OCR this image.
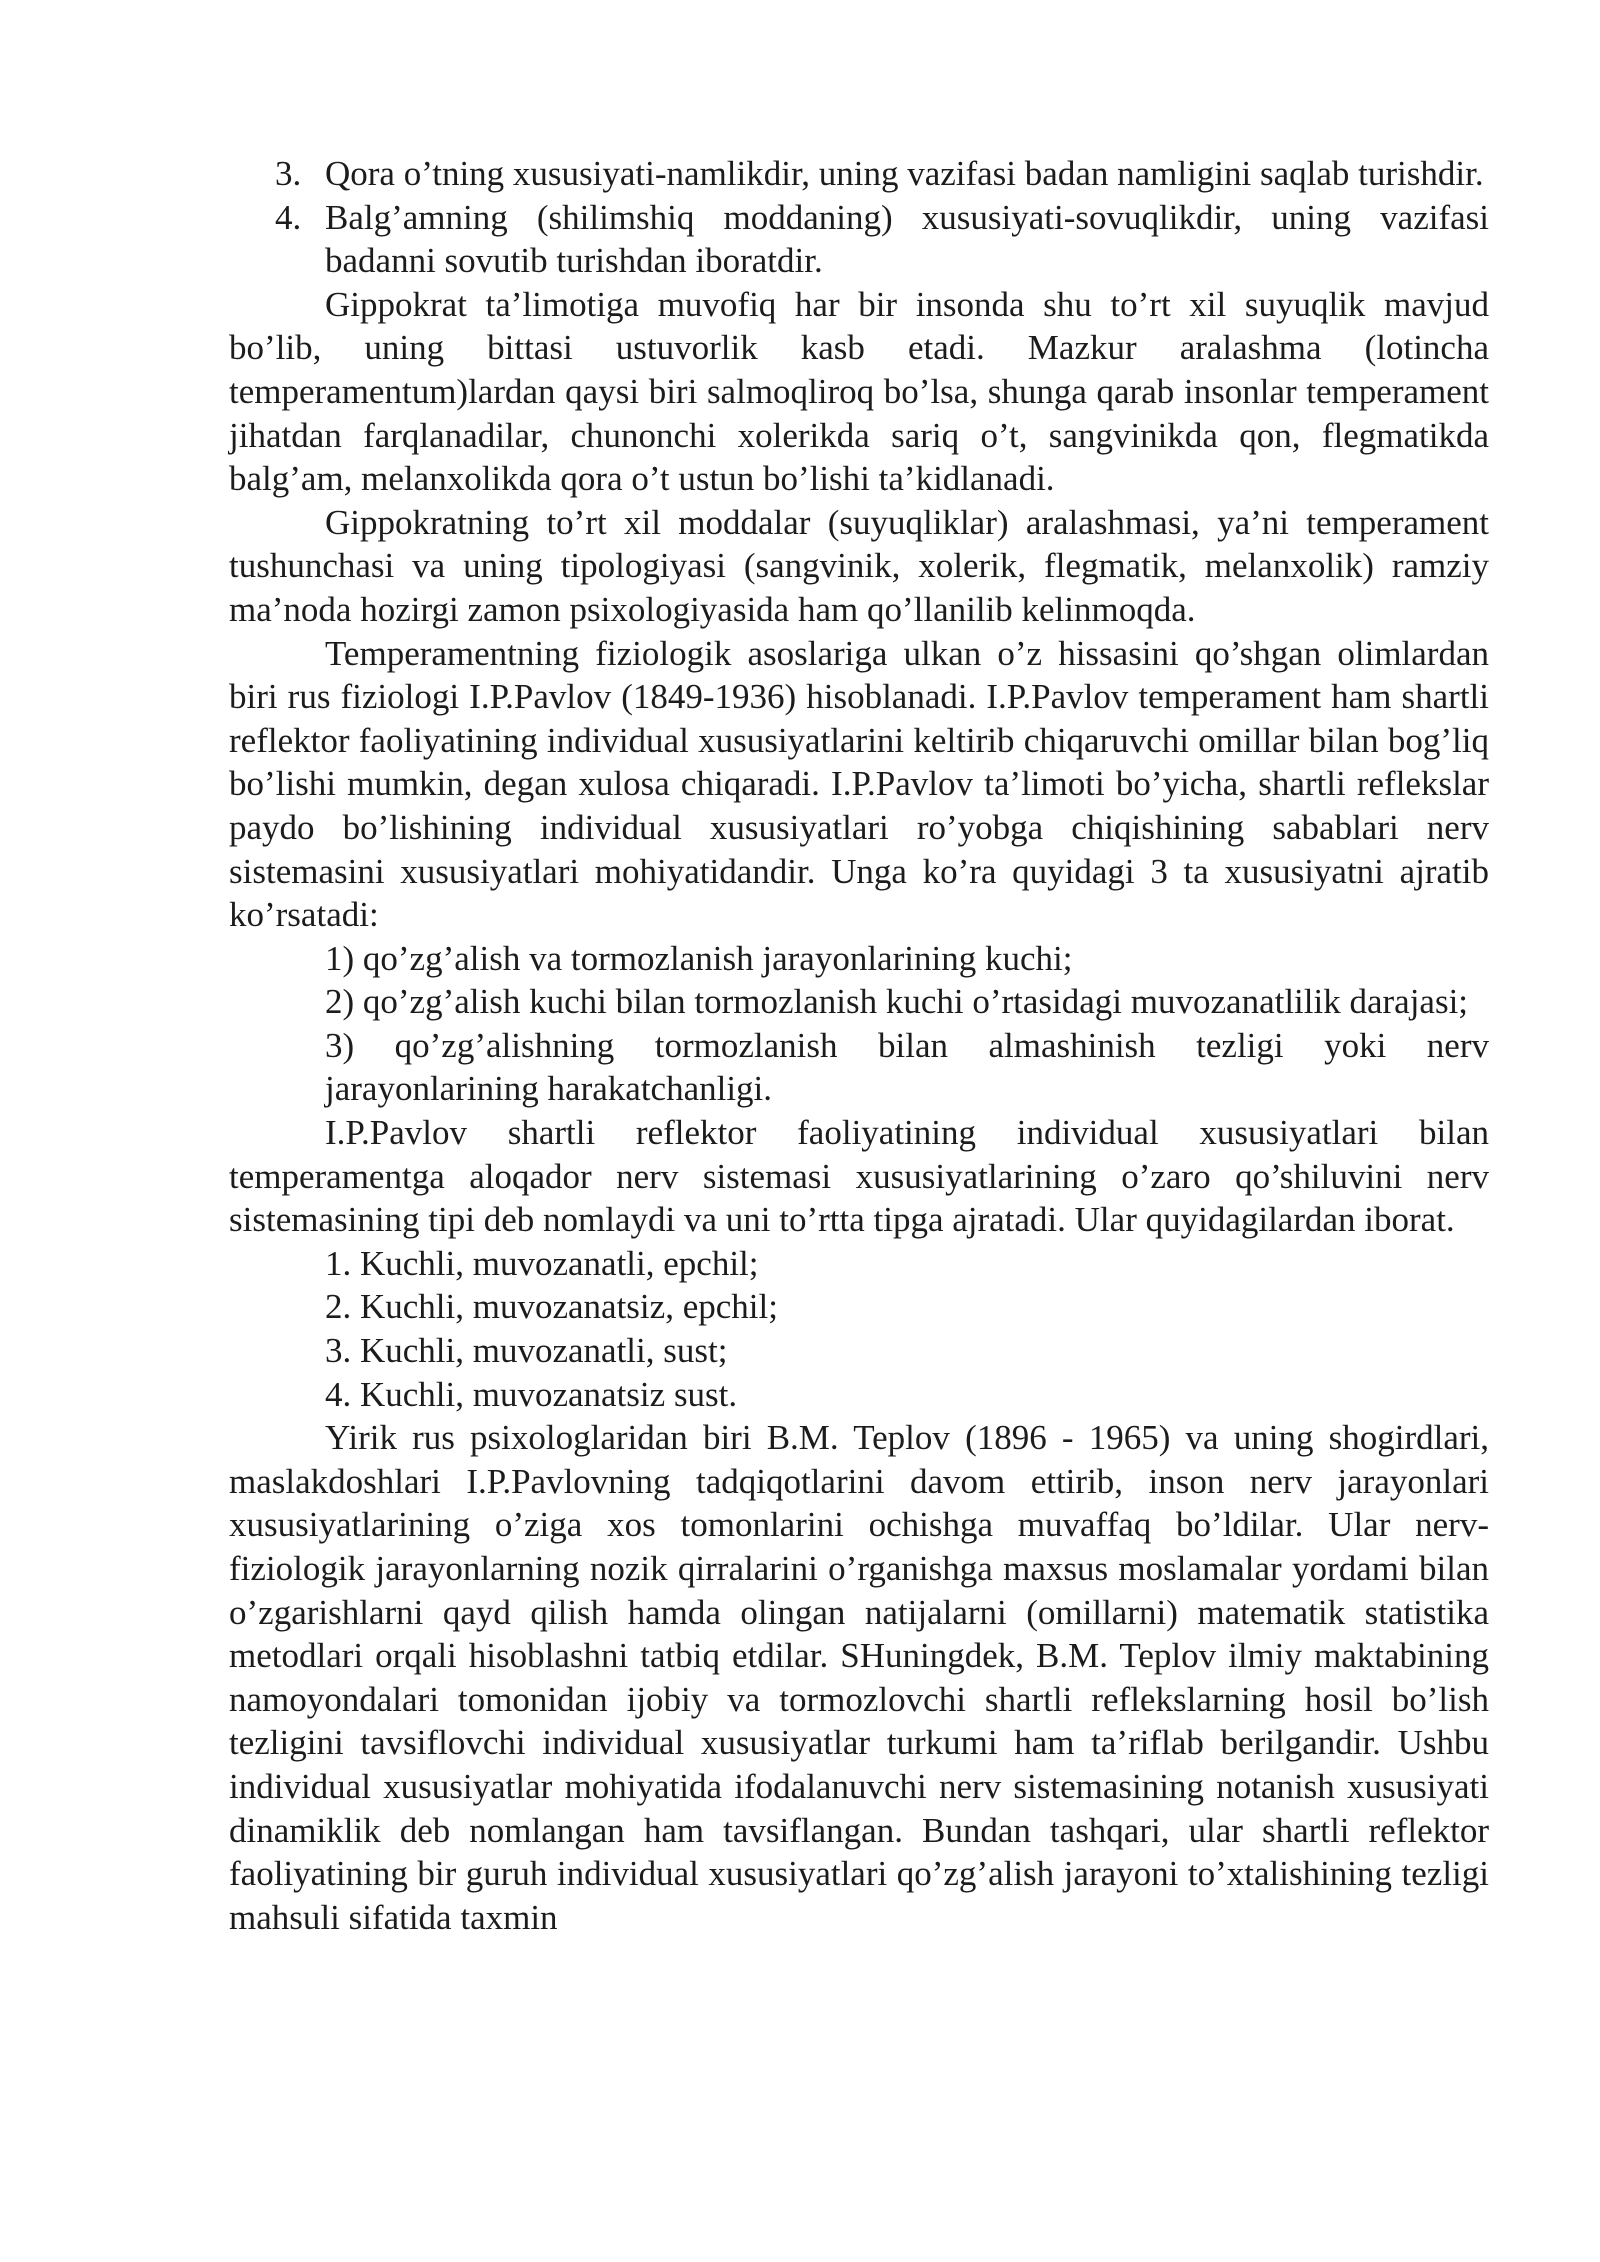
3. Qora o’tning xususiyati-namlikdir, uning vazifasi badan namligini saqlab turishdir.

4. Balg’amning (shilimshiq moddaning) xususiyati-sovuqlikdir, uning vazifasi badanni sovutib turishdan iboratdir.

Gippokrat ta’limotiga muvofiq har bir insonda shu to’rt xil suyuqlik mavjud bo’lib, uning bittasi ustuvorlik kasb etadi. Mazkur aralashma (lotincha temperamentum)lardan qaysi biri salmoqliroq bo’lsa, shunga qarab insonlar temperament jihatdan farqlanadilar, chunonchi xolerikda sariq o’t, sangvinikda qon, flegmatikda balg’am, melanxolikda qora o’t ustun bo’lishi ta’kidlanadi.

Gippokratning to’rt xil moddalar (suyuqliklar) aralashmasi, ya’ni temperament tushunchasi va uning tipologiyasi (sangvinik, xolerik, flegmatik, melanxolik) ramziy ma’noda hozirgi zamon psixologiyasida ham qo’llanilib kelinmoqda.

Temperamentning fiziologik asoslariga ulkan o’z hissasini qo’shgan olimlardan biri rus fiziologi I.P.Pavlov (1849-1936) hisoblanadi. I.P.Pavlov temperament ham shartli reflektor faoliyatining individual xususiyatlarini keltirib chiqaruvchi omillar bilan bog’liq bo’lishi mumkin, degan xulosa chiqaradi. I.P.Pavlov ta’limoti bo’yicha, shartli reflekslar paydo bo’lishining individual xususiyatlari ro’yobga chiqishining sabablari nerv sistemasini xususiyatlari mohiyatidandir. Unga ko’ra quyidagi 3 ta xususiyatni ajratib ko’rsatadi:

1) qo’zg’alish va tormozlanish jarayonlarining kuchi;

2) qo’zg’alish kuchi bilan tormozlanish kuchi o’rtasidagi muvozanatlilik darajasi;

3) qo’zg’alishning tormozlanish bilan almashinish tezligi yoki nerv jarayonlarining harakatchanligi.

I.P.Pavlov shartli reflektor faoliyatining individual xususiyatlari bilan temperamentga aloqador nerv sistemasi xususiyatlarining o’zaro qo’shiluvini nerv sistemasining tipi deb nomlaydi va uni to’rtta tipga ajratadi. Ular quyidagilardan iborat.

1. Kuchli, muvozanatli, epchil;

2. Kuchli, muvozanatsiz, epchil;

3. Kuchli, muvozanatli, sust;

4. Kuchli, muvozanatsiz sust.

Yirik rus psixologlaridan biri B.M. Teplov (1896 - 1965) va uning shogirdlari, maslakdoshlari I.P.Pavlovning tadqiqotlarini davom ettirib, inson nerv jarayonlari xususiyatlarining o’ziga xos tomonlarini ochishga muvaffaq bo’ldilar. Ular nerv-fiziologik jarayonlarning nozik qirralarini o’rganishga maxsus moslamalar yordami bilan o’zgarishlarni qayd qilish hamda olingan natijalarni (omillarni) matematik statistika metodlari orqali hisoblashni tatbiq etdilar. SHuningdek, B.M. Teplov ilmiy maktabining namoyondalari tomonidan ijobiy va tormozlovchi shartli reflekslarning hosil bo’lish tezligini tavsiflovchi individual xususiyatlar turkumi ham ta’riflab berilgandir. Ushbu individual xususiyatlar mohiyatida ifodalanuvchi nerv sistemasining notanish xususiyati dinamiklik deb nomlangan ham tavsiflangan. Bundan tashqari, ular shartli reflektor faoliyatining bir guruh individual xususiyatlari qo’zg’alish jarayoni to’xtalishining tezligi mahsuli sifatida taxmin
